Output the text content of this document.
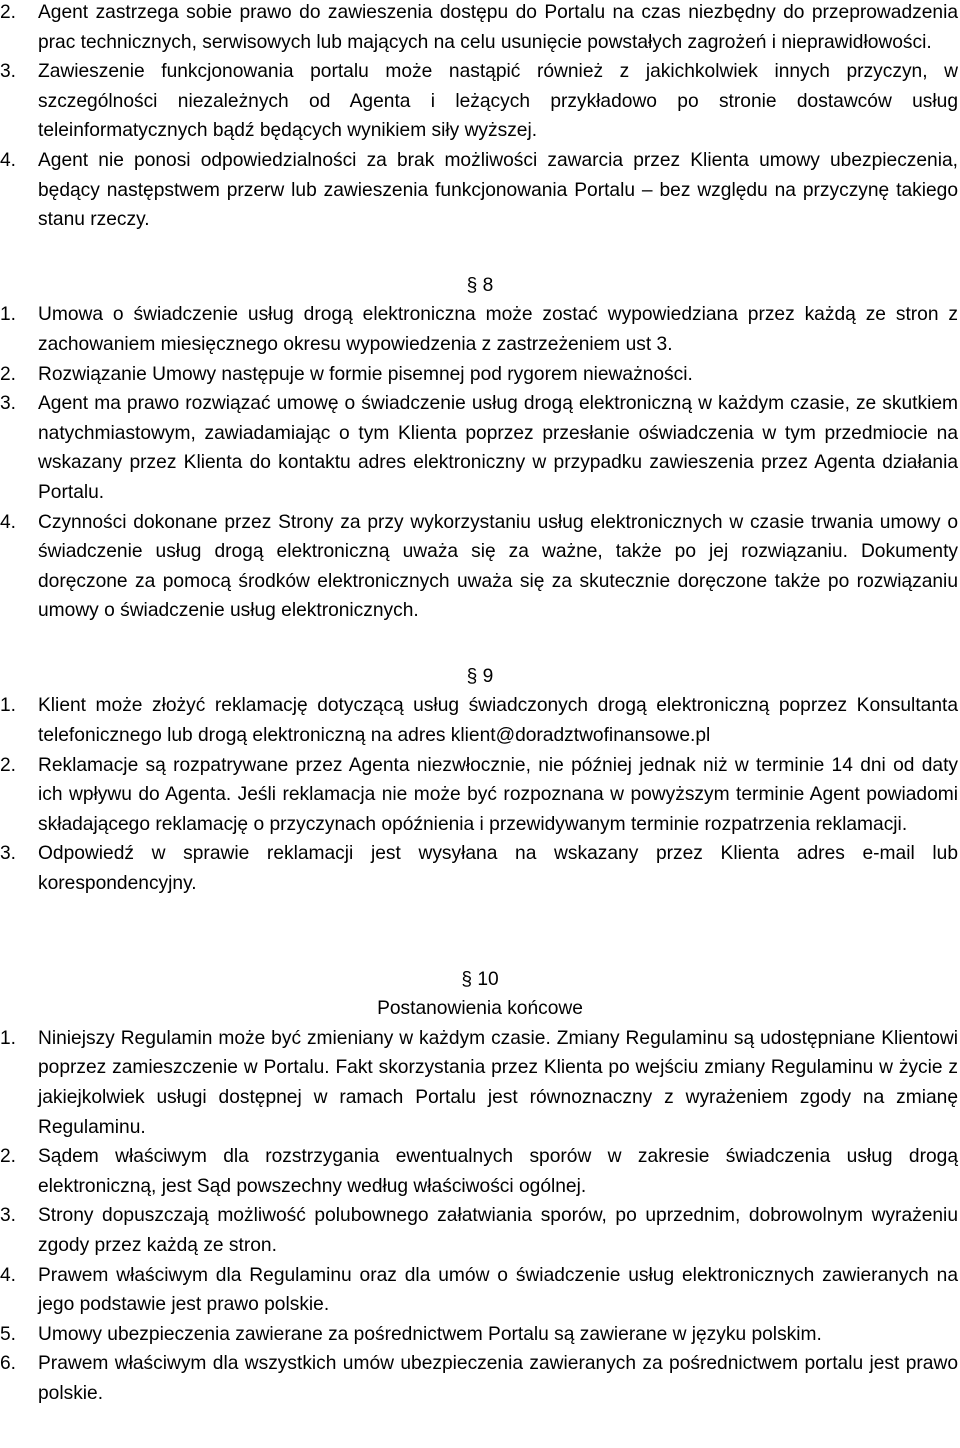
2.	Agent zastrzega sobie prawo do zawieszenia dostępu do Portalu na czas niezbędny do przeprowadzenia prac technicznych, serwisowych lub mających na celu usunięcie powstałych zagrożeń i nieprawidłowości.
3.	Zawieszenie funkcjonowania portalu może nastąpić również z jakichkolwiek innych przyczyn, w szczególności niezależnych od Agenta i leżących przykładowo po stronie dostawców usług teleinformatycznych bądź będących wynikiem siły wyższej.
4.	Agent nie ponosi odpowiedzialności za brak możliwości zawarcia przez Klienta umowy ubezpieczenia, będący następstwem przerw lub zawieszenia funkcjonowania Portalu – bez względu na przyczynę takiego stanu rzeczy.
§ 8
1.	Umowa o świadczenie usług drogą elektroniczna może zostać wypowiedziana przez każdą ze stron z zachowaniem miesięcznego okresu wypowiedzenia z zastrzeżeniem ust 3.
2.	Rozwiązanie Umowy następuje w formie pisemnej pod rygorem nieważności.
3.	Agent ma prawo rozwiązać umowę o świadczenie usług drogą elektroniczną w każdym czasie, ze skutkiem natychmiastowym, zawiadamiając o tym Klienta poprzez przesłanie oświadczenia w tym przedmiocie na wskazany przez Klienta do kontaktu adres elektroniczny w przypadku zawieszenia przez Agenta działania Portalu.
4.	Czynności dokonane przez Strony za przy wykorzystaniu usług elektronicznych w czasie trwania umowy o świadczenie usług drogą elektroniczną uważa się za ważne, także po jej rozwiązaniu. Dokumenty doręczone za pomocą środków elektronicznych uważa się za skutecznie doręczone także po rozwiązaniu umowy o świadczenie usług elektronicznych.
§ 9
1.	Klient może złożyć reklamację dotyczącą usług świadczonych drogą elektroniczną poprzez Konsultanta telefonicznego lub drogą elektroniczną na adres klient@doradztwofinansowe.pl
2.	Reklamacje są rozpatrywane przez Agenta niezwłocznie, nie później jednak niż w terminie 14 dni od daty ich wpływu do Agenta. Jeśli reklamacja nie może być rozpoznana w powyższym terminie Agent powiadomi składającego reklamację o przyczynach opóźnienia i przewidywanym terminie rozpatrzenia reklamacji.
3.	Odpowiedź w sprawie reklamacji jest wysyłana na wskazany przez Klienta adres e-mail lub korespondencyjny.
§ 10
Postanowienia końcowe
1.	Niniejszy Regulamin może być zmieniany w każdym czasie. Zmiany Regulaminu są udostępniane Klientowi poprzez zamieszczenie w Portalu. Fakt skorzystania przez Klienta po wejściu zmiany Regulaminu w życie z jakiejkolwiek usługi dostępnej w ramach Portalu jest równoznaczny z wyrażeniem zgody na zmianę Regulaminu.
2.	Sądem właściwym dla rozstrzygania ewentualnych sporów w zakresie świadczenia usług drogą elektroniczną, jest Sąd powszechny według właściwości ogólnej.
3.	Strony dopuszczają możliwość polubownego załatwiania sporów, po uprzednim, dobrowolnym wyrażeniu zgody przez każdą ze stron.
4.	Prawem właściwym dla Regulaminu oraz dla umów o świadczenie usług elektronicznych zawieranych na jego podstawie jest prawo polskie.
5.	Umowy ubezpieczenia zawierane za pośrednictwem Portalu są zawierane w języku polskim.
6.	Prawem właściwym dla wszystkich umów ubezpieczenia zawieranych za pośrednictwem portalu jest prawo polskie.
